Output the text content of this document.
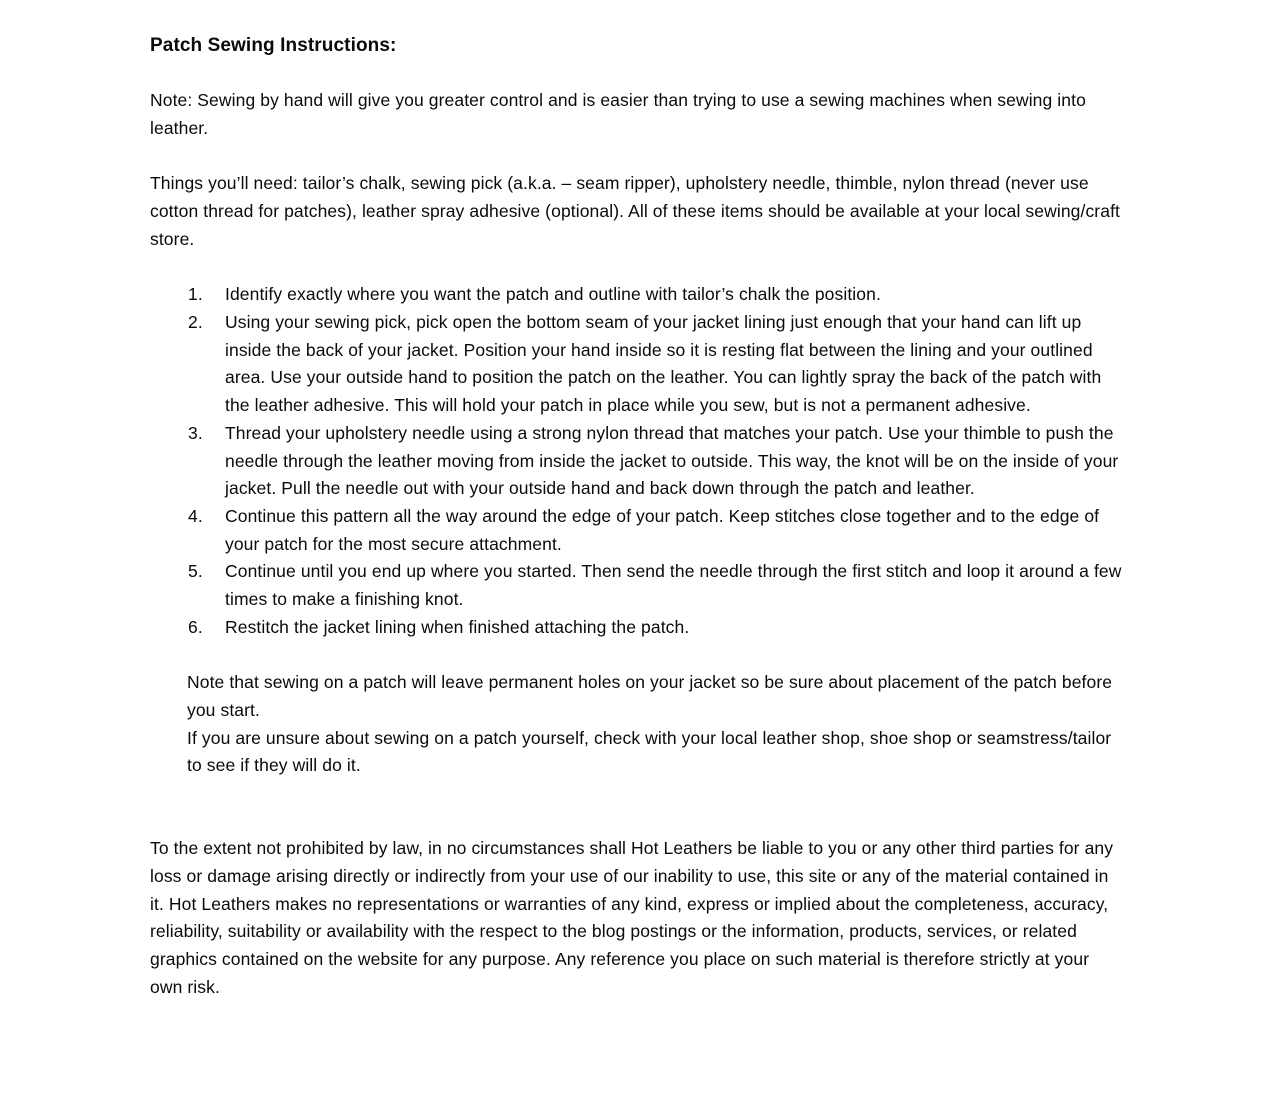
Patch Sewing Instructions:

Note: Sewing by hand will give you greater control and is easier than trying to use a sewing machines when sewing into leather.

Things you’ll need: tailor’s chalk, sewing pick (a.k.a. – seam ripper), upholstery needle, thimble, nylon thread (never use cotton thread for patches), leather spray adhesive (optional). All of these items should be available at your local sewing/craft store.

Identify exactly where you want the patch and outline with tailor’s chalk the position.
Using your sewing pick, pick open the bottom seam of your jacket lining just enough that your hand can lift up inside the back of your jacket. Position your hand inside so it is resting flat between the lining and your outlined area. Use your outside hand to position the patch on the leather. You can lightly spray the back of the patch with the leather adhesive. This will hold your patch in place while you sew, but is not a permanent adhesive.
Thread your upholstery needle using a strong nylon thread that matches your patch. Use your thimble to push the needle through the leather moving from inside the jacket to outside. This way, the knot will be on the inside of your jacket. Pull the needle out with your outside hand and back down through the patch and leather.
Continue this pattern all the way around the edge of your patch. Keep stitches close together and to the edge of your patch for the most secure attachment.
Continue until you end up where you started. Then send the needle through the first stitch and loop it around a few times to make a finishing knot.
Restitch the jacket lining when finished attaching the patch.

Note that sewing on a patch will leave permanent holes on your jacket so be sure about placement of the patch before you start.

If you are unsure about sewing on a patch yourself, check with your local leather shop, shoe shop or seamstress/tailor to see if they will do it.

To the extent not prohibited by law, in no circumstances shall Hot Leathers be liable to you or any other third parties for any loss or damage arising directly or indirectly from your use of our inability to use, this site or any of the material contained in it. Hot Leathers makes no representations or warranties of any kind, express or implied about the completeness, accuracy, reliability, suitability or availability with the respect to the blog postings or the information, products, services, or related graphics contained on the website for any purpose. Any reference you place on such material is therefore strictly at your own risk.
